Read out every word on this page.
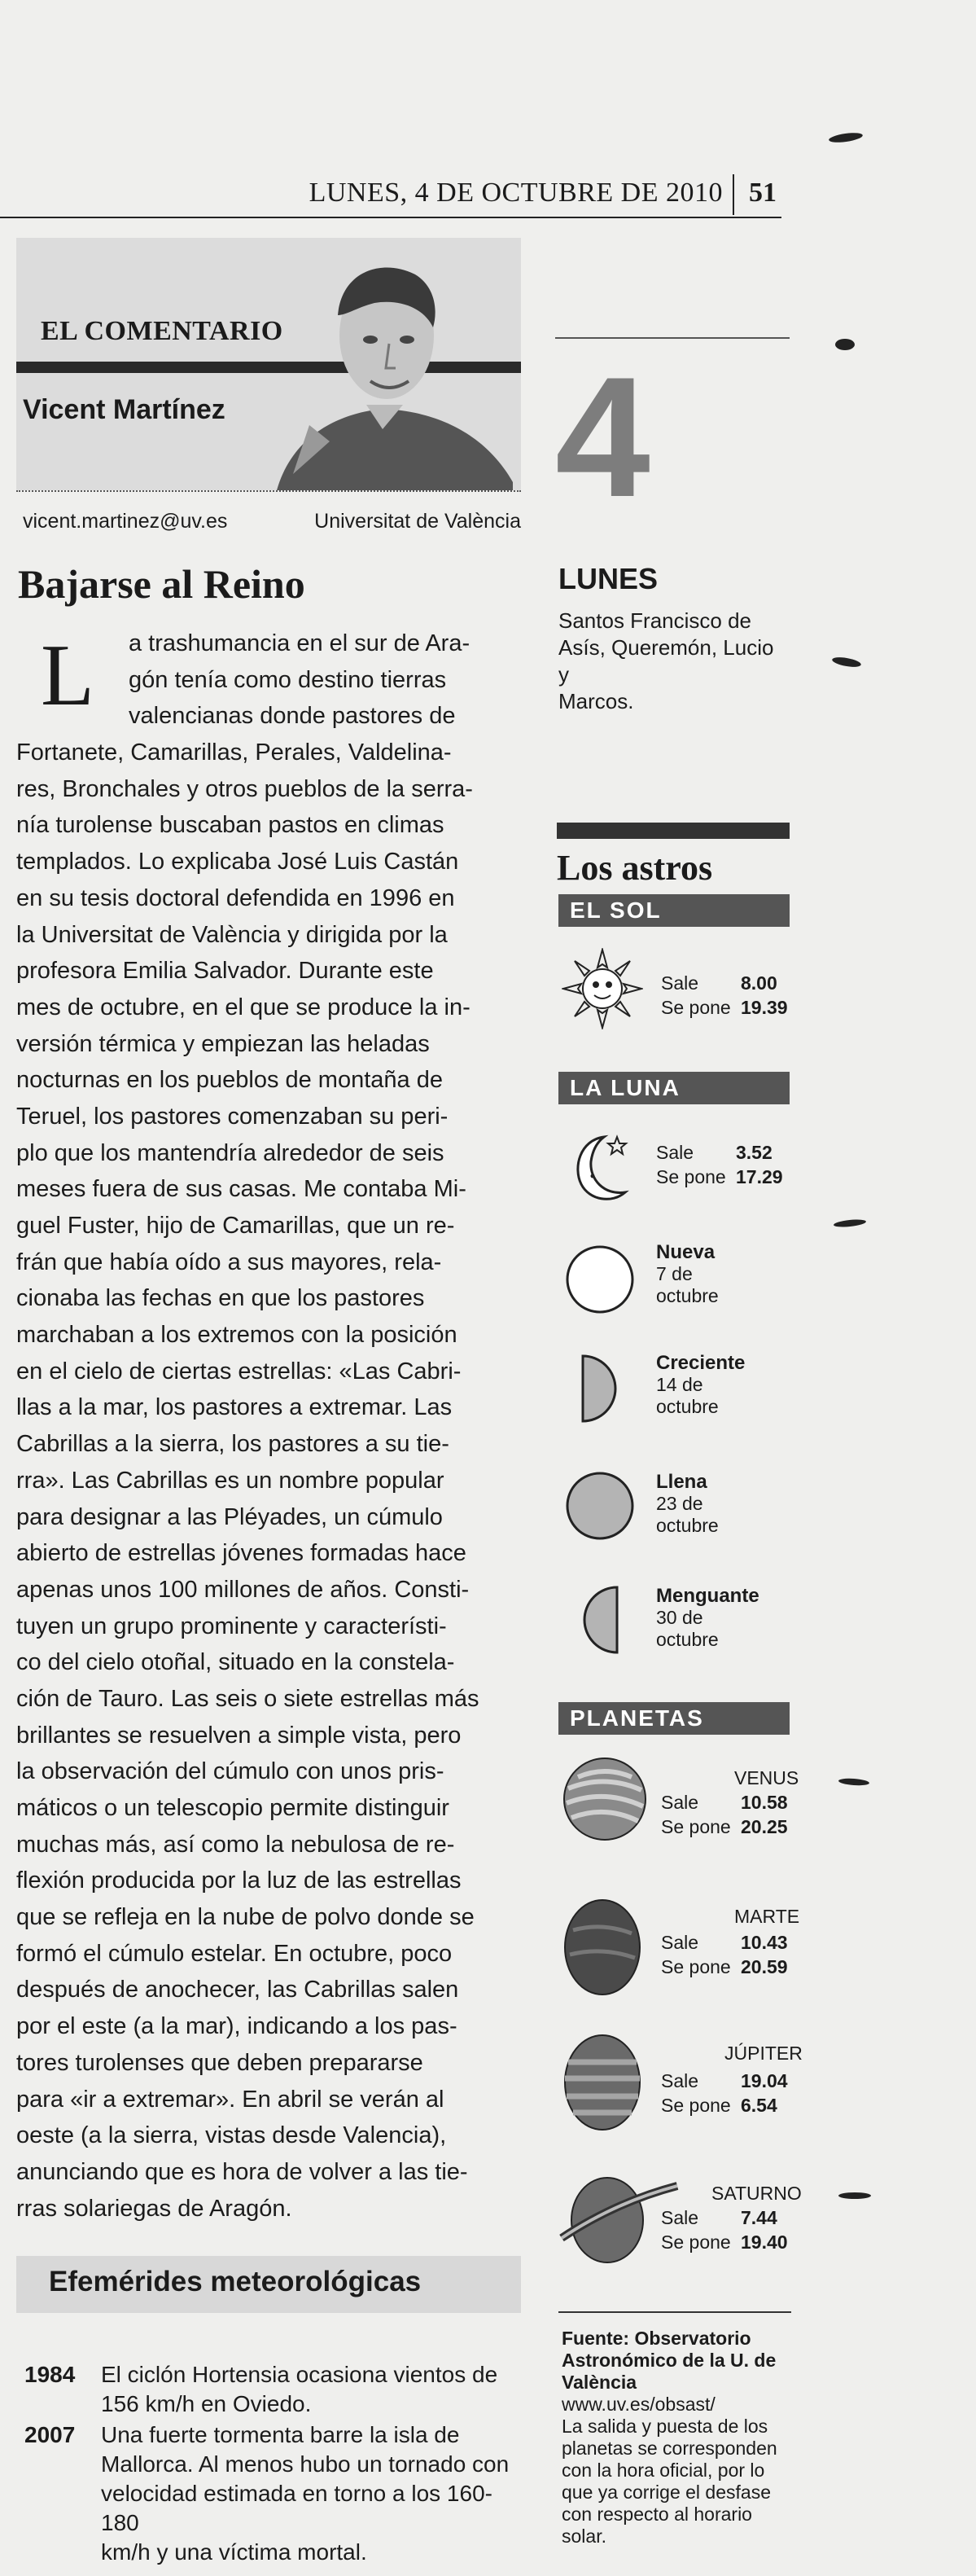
LUNES, 4 DE OCTUBRE DE 2010 51
EL COMENTARIO
Vicent Martínez
vicent.martinez@uv.es	Universitat de València
Bajarse al Reino
L	a trashumancia en el sur de Ara-
gón tenía como destino tierras
valencianas donde pastores de
Fortanete, Camarillas, Perales, Valdelina-
res, Bronchales y otros pueblos de la serra-
nía turolense buscaban pastos en climas
templados. Lo explicaba José Luis Castán
en su tesis doctoral defendida en 1996 en
la Universitat de València y dirigida por la
profesora Emilia Salvador. Durante este
mes de octubre, en el que se produce la in-
versión térmica y empiezan las heladas
nocturnas en los pueblos de montaña de
Teruel, los pastores comenzaban su peri-
plo que los mantendría alrededor de seis
meses fuera de sus casas. Me contaba Mi-
guel Fuster, hijo de Camarillas, que un re-
frán que había oído a sus mayores, rela-
cionaba las fechas en que los pastores
marchaban a los extremos con la posición
en el cielo de ciertas estrellas: «Las Cabri-
llas a la mar, los pastores a extremar. Las
Cabrillas a la sierra, los pastores a su tie-
rra». Las Cabrillas es un nombre popular
para designar a las Pléyades, un cúmulo
abierto de estrellas jóvenes formadas hace
apenas unos 100 millones de años. Consti-
tuyen un grupo prominente y característi-
co del cielo otoñal, situado en la constela-
ción de Tauro. Las seis o siete estrellas más
brillantes se resuelven a simple vista, pero
la observación del cúmulo con unos pris-
máticos o un telescopio permite distinguir
muchas más, así como la nebulosa de re-
flexión producida por la luz de las estrellas
que se refleja en la nube de polvo donde se
formó el cúmulo estelar. En octubre, poco
después de anochecer, las Cabrillas salen
por el este (a la mar), indicando a los pas-
tores turolenses que deben prepararse
para «ir a extremar». En abril se verán al
oeste (a la sierra, vistas desde Valencia),
anunciando que es hora de volver a las tie-
rras solariegas de Aragón.
Efemérides meteorológicas
1984 El ciclón Hortensia ocasiona vientos de
156 km/h en Oviedo.
2007 Una fuerte tormenta barre la isla de
Mallorca. Al menos hubo un tornado con
velocidad estimada en torno a los 160-180
km/h y una víctima mortal.
4
LUNES
Santos Francisco de
Asís, Queremón, Lucio y
Marcos.
Los astros
EL SOL
Sale 8.00
Se pone 19.39
LA LUNA
Sale 3.52
Se pone 17.29
Nueva
7 de
octubre
Creciente
14 de
octubre
Llena
23 de
octubre
Menguante
30 de
octubre
PLANETAS
VENUS
Sale 10.58
Se pone 20.25
MARTE
Sale 10.43
Se pone 20.59
JÚPITER
Sale 19.04
Se pone 6.54
SATURNO
Sale 7.44
Se pone 19.40
Fuente: Observatorio
Astronómico de la U. de
València
www.uv.es/obsast/
La salida y puesta de los
planetas se corresponden
con la hora oficial, por lo
que ya corrige el desfase
con respecto al horario
solar.
